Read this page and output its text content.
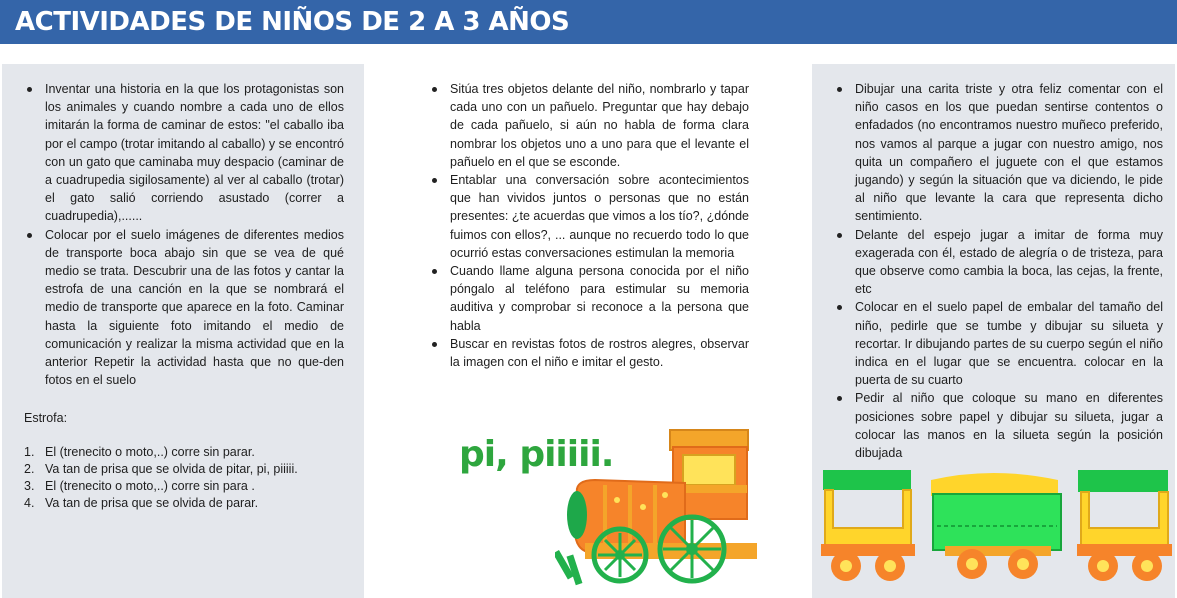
ACTIVIDADES DE NIÑOS DE 2 A 3 AÑOS
Inventar una historia en la que los protagonistas son los animales y cuando nombre a cada uno de ellos imitarán la forma de caminar de estos: "el caballo iba por el campo (trotar imitando al caballo) y se encontró con un gato que caminaba muy despacio (caminar de a cuadrupedia sigilosamente) al ver al caballo (trotar) el gato salió corriendo asustado (correr a cuadrupedia),......
Colocar por el suelo imágenes de diferentes medios de transporte boca abajo sin que se vea de qué medio se trata. Descubrir una de las fotos y cantar la estrofa de una canción en la que se nombrará el medio de transporte que aparece en la foto. Caminar hasta la siguiente foto imitando el medio de comunicación y realizar la misma actividad que en la anterior Repetir la actividad hasta que no que-den fotos en el suelo

Estrofa:

1. El (trenecito o moto,..) corre sin parar.
2. Va tan de prisa que se olvida de pitar, pi, piiiii.
3. El (trenecito o moto,..) corre sin para .
4. Va tan de prisa que se olvida de parar.
Sitúa tres objetos delante del niño, nombrarlo y tapar cada uno con un pañuelo. Preguntar que hay debajo de cada pañuelo, si aún no habla de forma clara nombrar los objetos uno a uno para que el levante el pañuelo en el que se esconde.
Entablar una conversación sobre acontecimientos que han vividos juntos o personas que no están presentes: ¿te acuerdas que vimos a los tío?, ¿dónde fuimos con ellos?, ... aunque no recuerdo todo lo que ocurrió estas conversaciones estimulan la memoria
Cuando llame alguna persona conocida por el niño póngalo al teléfono para estimular su memoria auditiva y comprobar si reconoce a la persona que habla
Buscar en revistas fotos de rostros alegres, observar la imagen con el niño e imitar el gesto.
Dibujar una carita triste y otra feliz comentar con el niño casos en los que puedan sentirse contentos o enfadados (no encontramos nuestro muñeco preferido, nos vamos al parque a jugar con nuestro amigo, nos quita un compañero el juguete con el que estamos jugando) y según la situación que va diciendo, le pide al niño que levante la cara que representa dicho sentimiento.
Delante del espejo jugar a imitar de forma muy exagerada con él, estado de alegría o de tristeza, para que observe como cambia la boca, las cejas, la frente, etc
Colocar en el suelo papel de embalar del tamaño del niño, pedirle que se tumbe y dibujar su silueta y recortar. Ir dibujando partes de su cuerpo según el niño indica en el lugar que se encuentra. colocar en la puerta de su cuarto
Pedir al niño que coloque su mano en diferentes posiciones sobre papel y dibujar su silueta, jugar a colocar las manos en la silueta según la posición dibujada
pi, piiiii.
